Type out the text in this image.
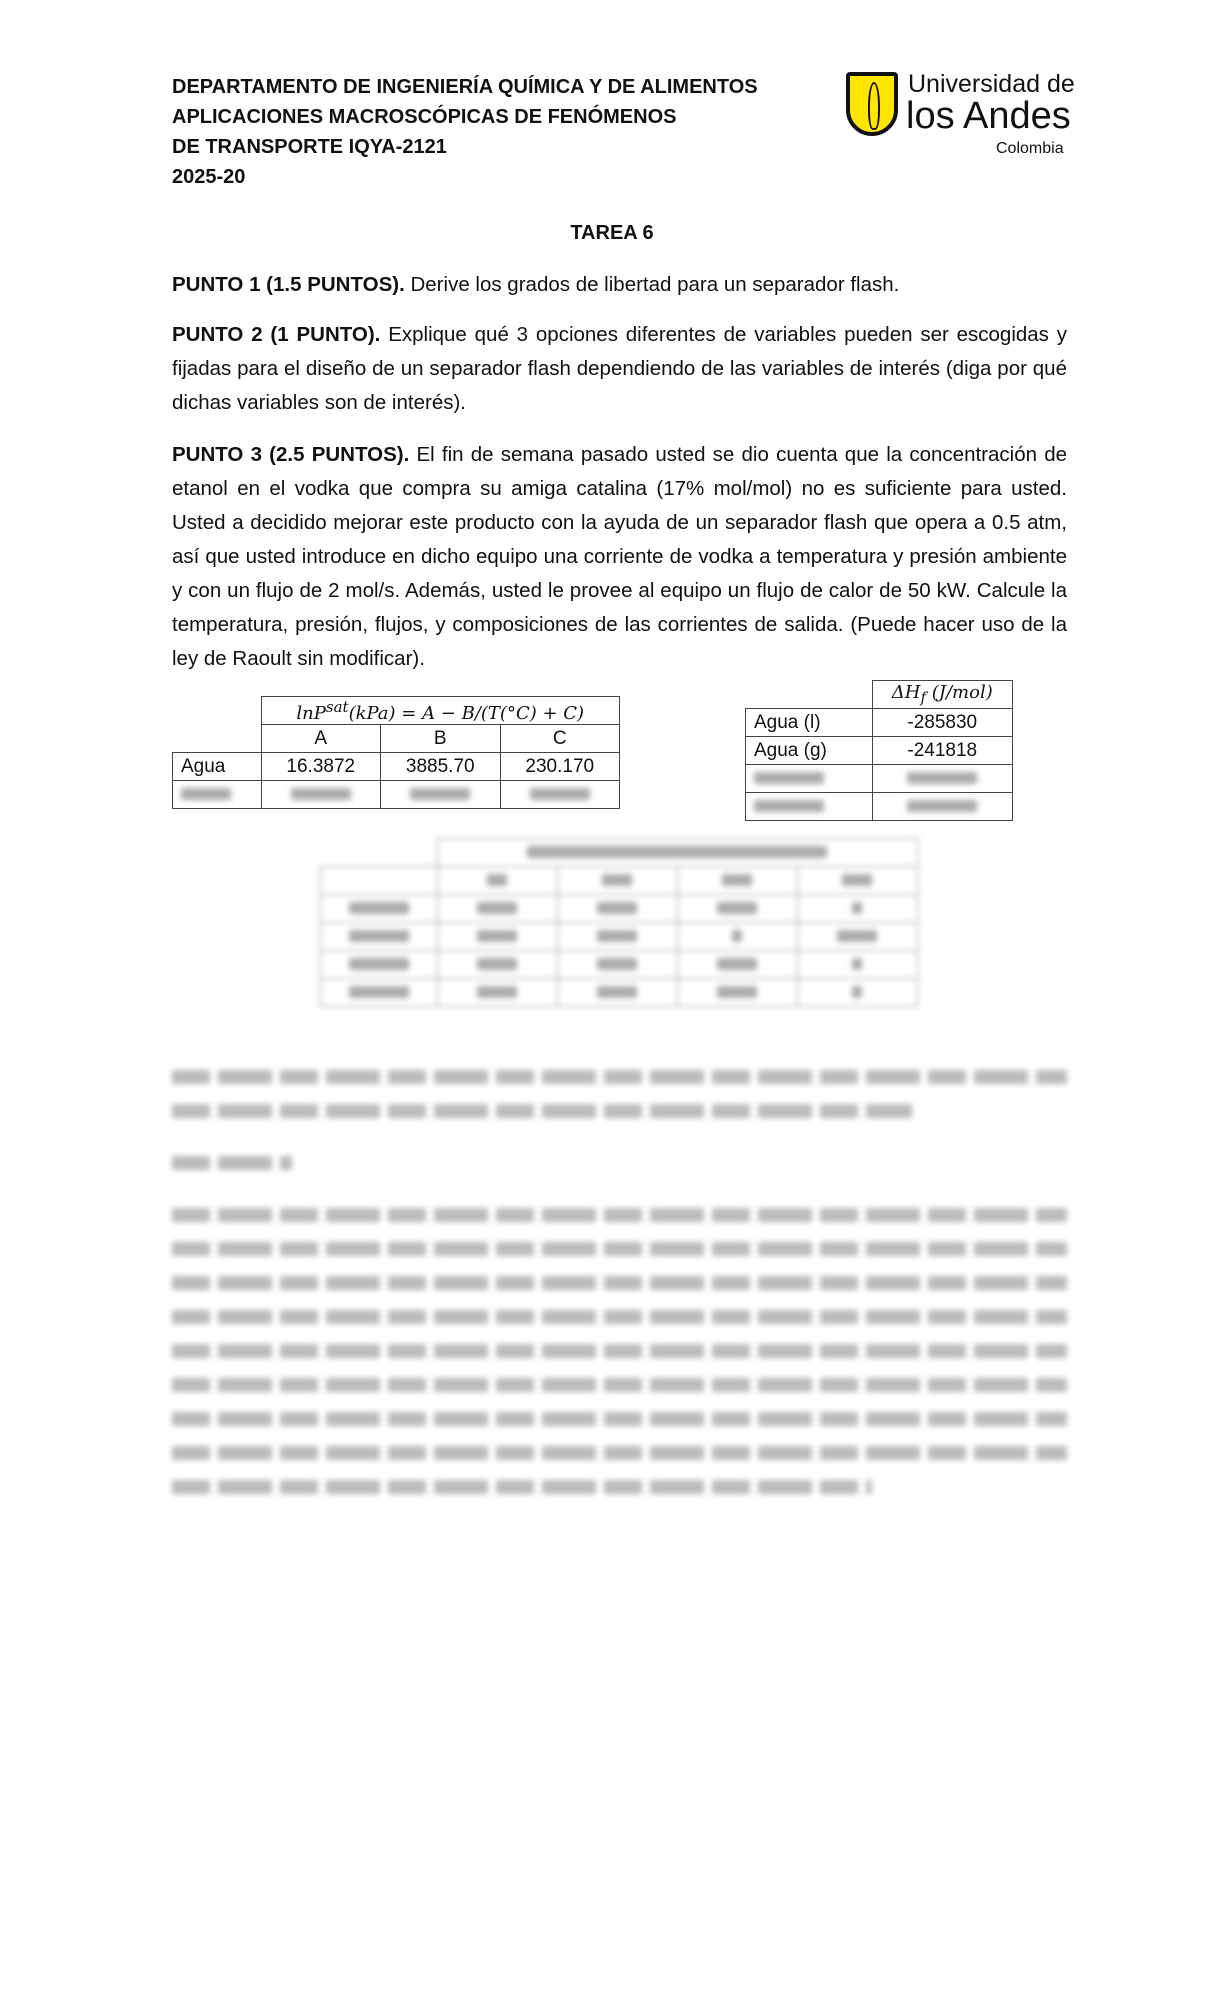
DEPARTAMENTO DE INGENIERÍA QUÍMICA Y DE ALIMENTOS
APLICACIONES MACROSCÓPICAS DE FENÓMENOS
DE TRANSPORTE IQYA-2121
2025-20
Universidad de
los Andes
Colombia
TAREA 6
PUNTO 1 (1.5 PUNTOS). Derive los grados de libertad para un separador flash.
PUNTO 2 (1 PUNTO). Explique qué 3 opciones diferentes de variables pueden ser escogidas y fijadas para el diseño de un separador flash dependiendo de las variables de interés (diga por qué dichas variables son de interés).
PUNTO 3 (2.5 PUNTOS). El fin de semana pasado usted se dio cuenta que la concentración de etanol en el vodka que compra su amiga catalina (17% mol/mol) no es suficiente para usted. Usted a decidido mejorar este producto con la ayuda de un separador flash que opera a 0.5 atm, así que usted introduce en dicho equipo una corriente de vodka a temperatura y presión ambiente y con un flujo de 2 mol/s. Además, usted le provee al equipo un flujo de calor de 50 kW. Calcule la temperatura, presión, flujos, y composiciones de las corrientes de salida. (Puede hacer uso de la ley de Raoult sin modificar).
	lnP$^{sat}$(kPa) = A − B/(T(°C) + C)		
	A	B	C
Agua	16.3872	3885.70	230.170

	$\Delta H_f$ (J/mol)
Agua (l)	-285830
Agua (g)	-241818
